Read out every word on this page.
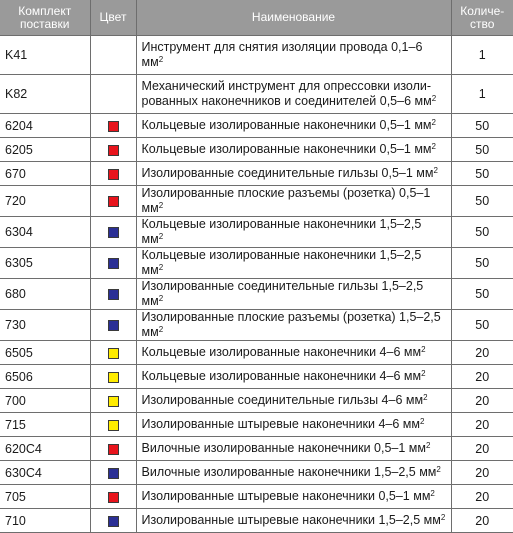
Комплект поставки	Цвет	Наименование	Количе-ство
K41		Инструмент для снятия изоляции провода 0,1–6 $мм^2$	1
K82		Механический инструмент для опрессовки изоли-рованных наконечников и соединителей 0,5–6 $мм^2$	1
6204		Кольцевые изолированные наконечники 0,5–1 $мм^2$	50
6205		Кольцевые изолированные наконечники 0,5–1 $мм^2$	50
670		Изолированные соединительные гильзы 0,5–1 $мм^2$	50
720		Изолированные плоские разъемы (розетка) 0,5–1 $мм^2$	50
6304		Кольцевые изолированные наконечники 1,5–2,5 $мм^2$	50
6305		Кольцевые изолированные наконечники 1,5–2,5 $мм^2$	50
680		Изолированные соединительные гильзы 1,5–2,5 $мм^2$	50
730		Изолированные плоские разъемы (розетка) 1,5–2,5 $мм^2$	50
6505		Кольцевые изолированные наконечники 4–6 $мм^2$	20
6506		Кольцевые изолированные наконечники 4–6 $мм^2$	20
700		Изолированные соединительные гильзы 4–6 $мм^2$	20
715		Изолированные штыревые наконечники 4–6 $мм^2$	20
620C4		Вилочные изолированные наконечники 0,5–1 $мм^2$	20
630C4		Вилочные изолированные наконечники 1,5–2,5 $мм^2$	20
705		Изолированные штыревые наконечники 0,5–1 $мм^2$	20
710		Изолированные штыревые наконечники 1,5–2,5 $мм^2$	20
